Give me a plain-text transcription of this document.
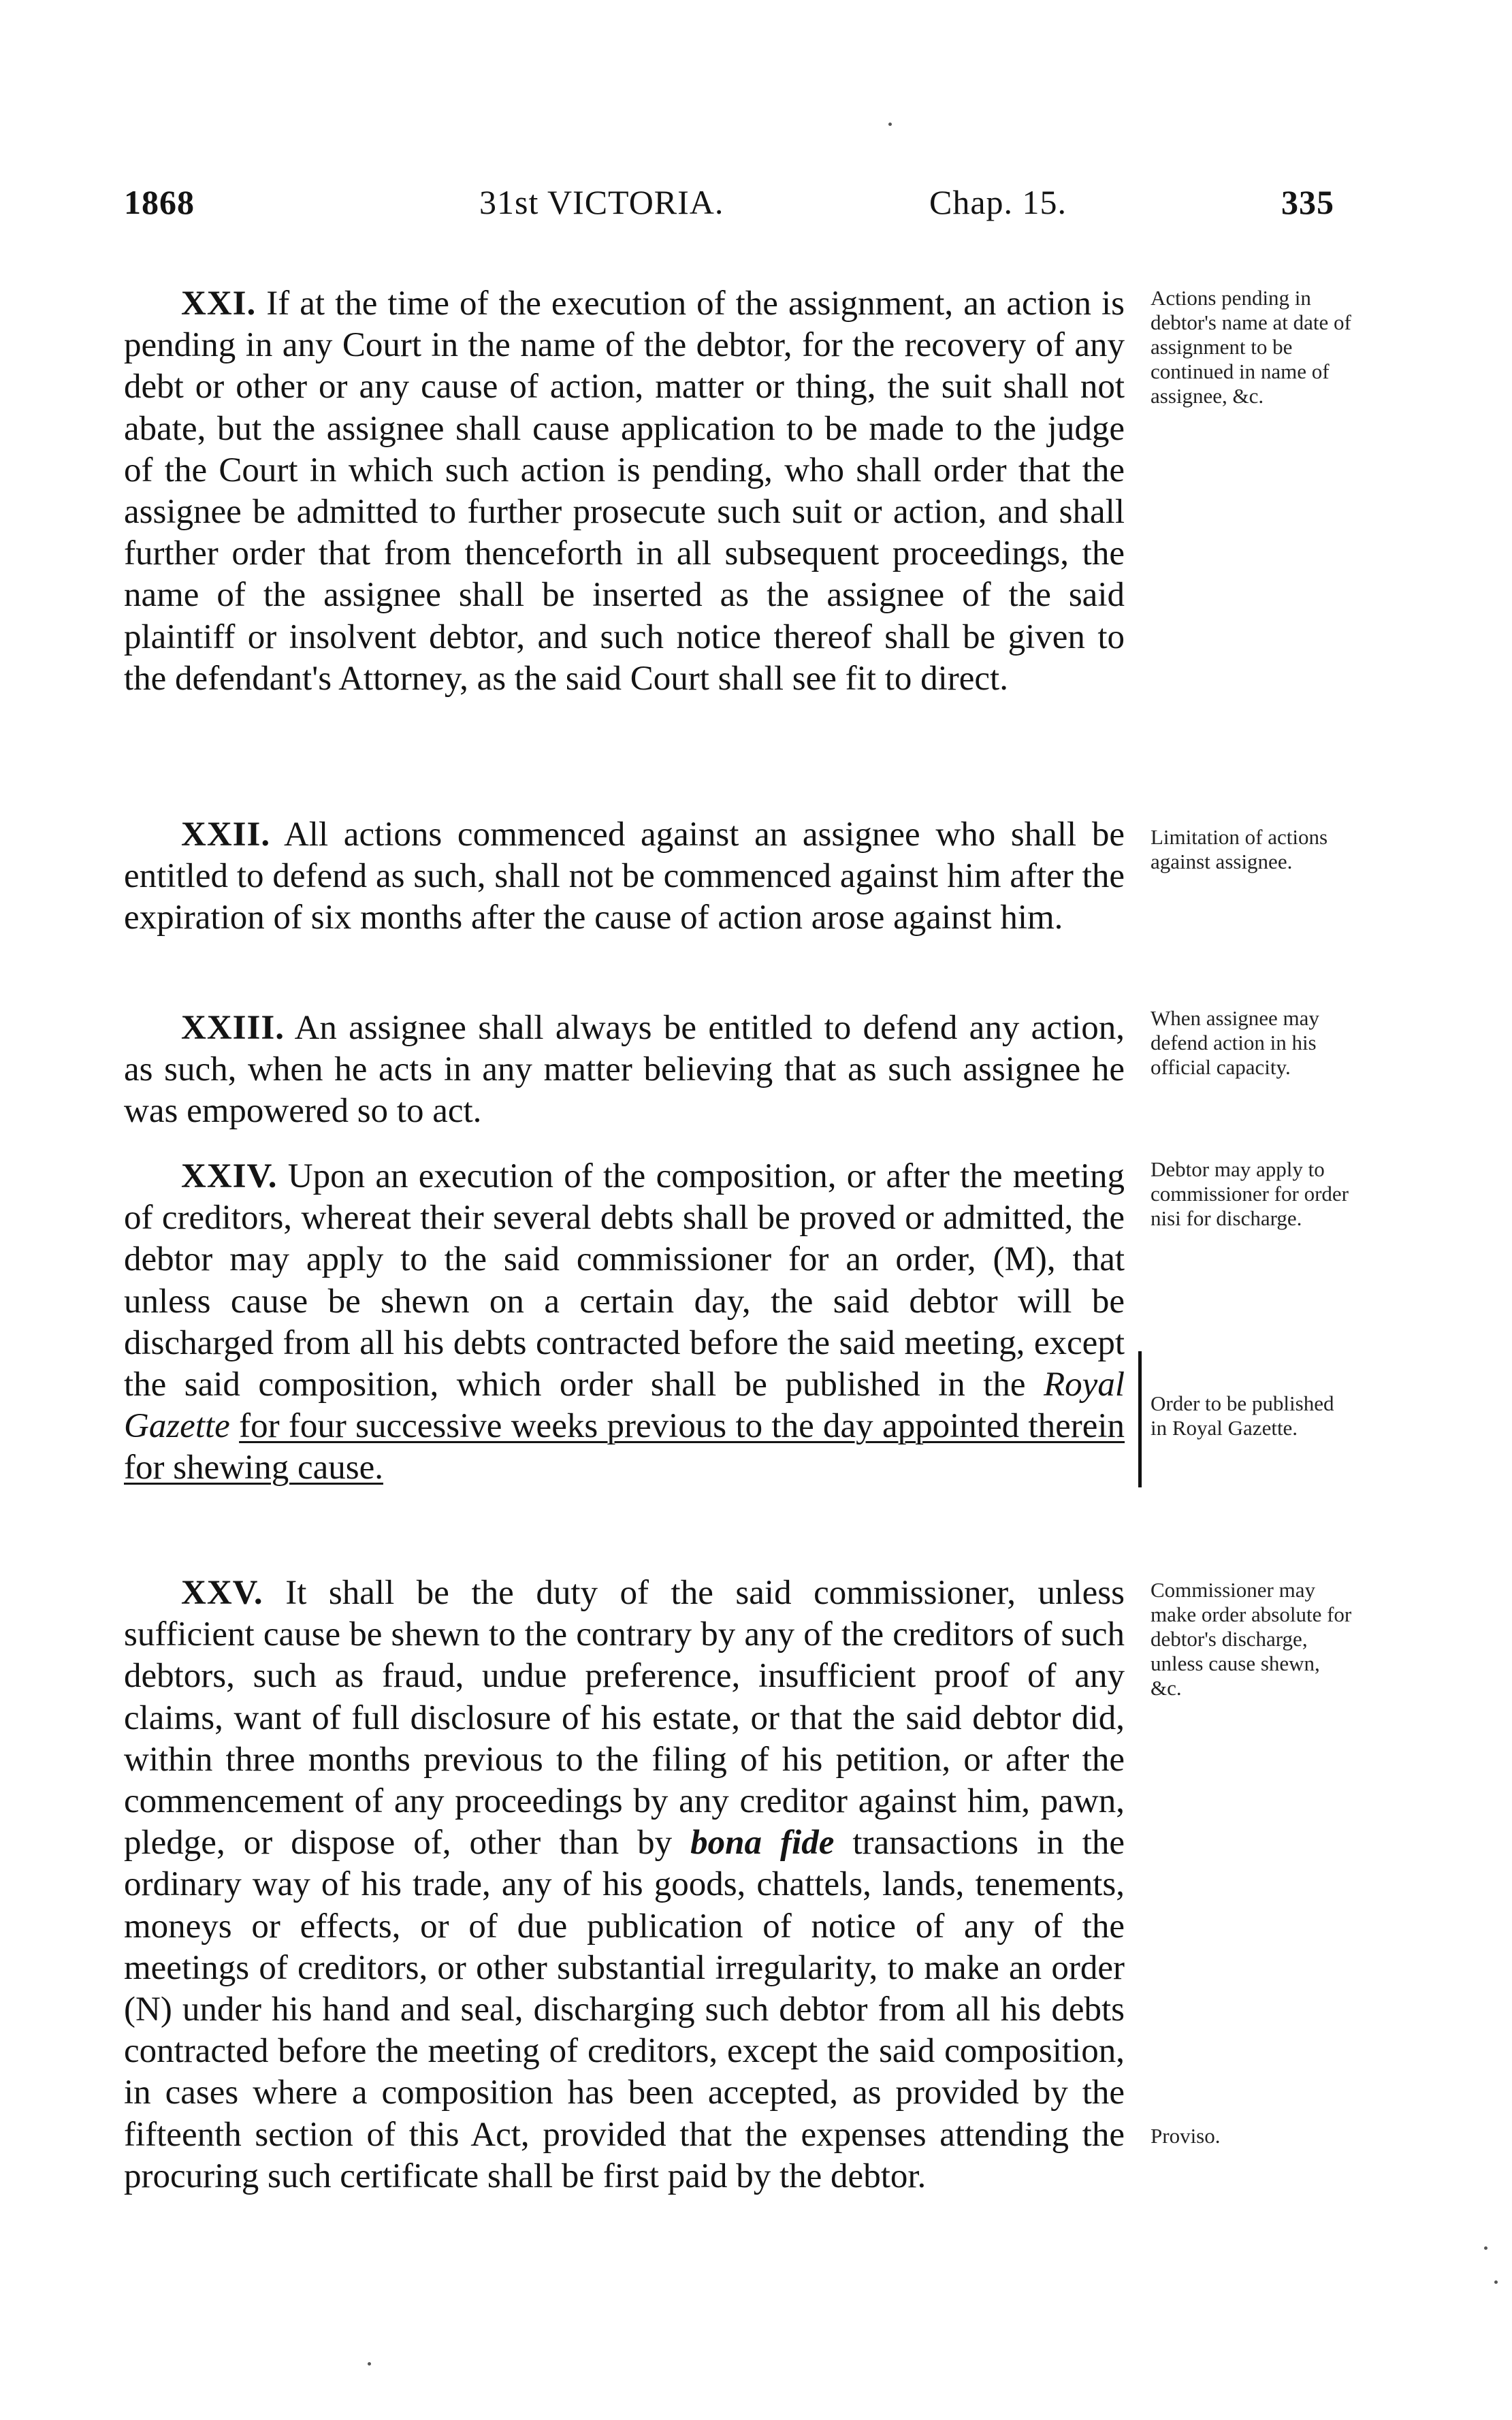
1868	31st VICTORIA.	Chap. 15.	335

XXI. If at the time of the execution of the assignment, an action is pending in any Court in the name of the debtor, for the recovery of any debt or other or any cause of action, matter or thing, the suit shall not abate, but the assignee shall cause application to be made to the judge of the Court in which such action is pending, who shall order that the assignee be admitted to further prosecute such suit or action, and shall further order that from thenceforth in all subsequent proceedings, the name of the assignee shall be inserted as the assignee of the said plaintiff or insolvent debtor, and such notice thereof shall be given to the defendant's Attorney, as the said Court shall see fit to direct.

Actions pending in debtor's name at date of assignment to be continued in name of assignee, &c.

XXII. All actions commenced against an assignee who shall be entitled to defend as such, shall not be commenced against him after the expiration of six months after the cause of action arose against him.

Limitation of actions against assignee.

XXIII. An assignee shall always be entitled to defend any action, as such, when he acts in any matter believing that as such assignee he was empowered so to act.

When assignee may defend action in his official capacity.

XXIV. Upon an execution of the composition, or after the meeting of creditors, whereat their several debts shall be proved or admitted, the debtor may apply to the said commissioner for an order, (M), that unless cause be shewn on a certain day, the said debtor will be discharged from all his debts contracted before the said meeting, except the said composition, which order shall be published in the Royal Gazette for four successive weeks previous to the day appointed therein for shewing cause.

Debtor may apply to commissioner for order nisi for discharge.

Order to be published in Royal Gazette.

XXV. It shall be the duty of the said commissioner, unless sufficient cause be shewn to the contrary by any of the creditors of such debtors, such as fraud, undue preference, insufficient proof of any claims, want of full disclosure of his estate, or that the said debtor did, within three months previous to the filing of his petition, or after the commencement of any proceedings by any creditor against him, pawn, pledge, or dispose of, other than by bona fide transactions in the ordinary way of his trade, any of his goods, chattels, lands, tenements, moneys or effects, or of due publication of notice of any of the meetings of creditors, or other substantial irregularity, to make an order (N) under his hand and seal, discharging such debtor from all his debts contracted before the meeting of creditors, except the said composition, in cases where a composition has been accepted, as provided by the fifteenth section of this Act, provided that the expenses attending the procuring such certificate shall be first paid by the debtor.

Commissioner may make order absolute for debtor's discharge, unless cause shewn, &c.

Proviso.
